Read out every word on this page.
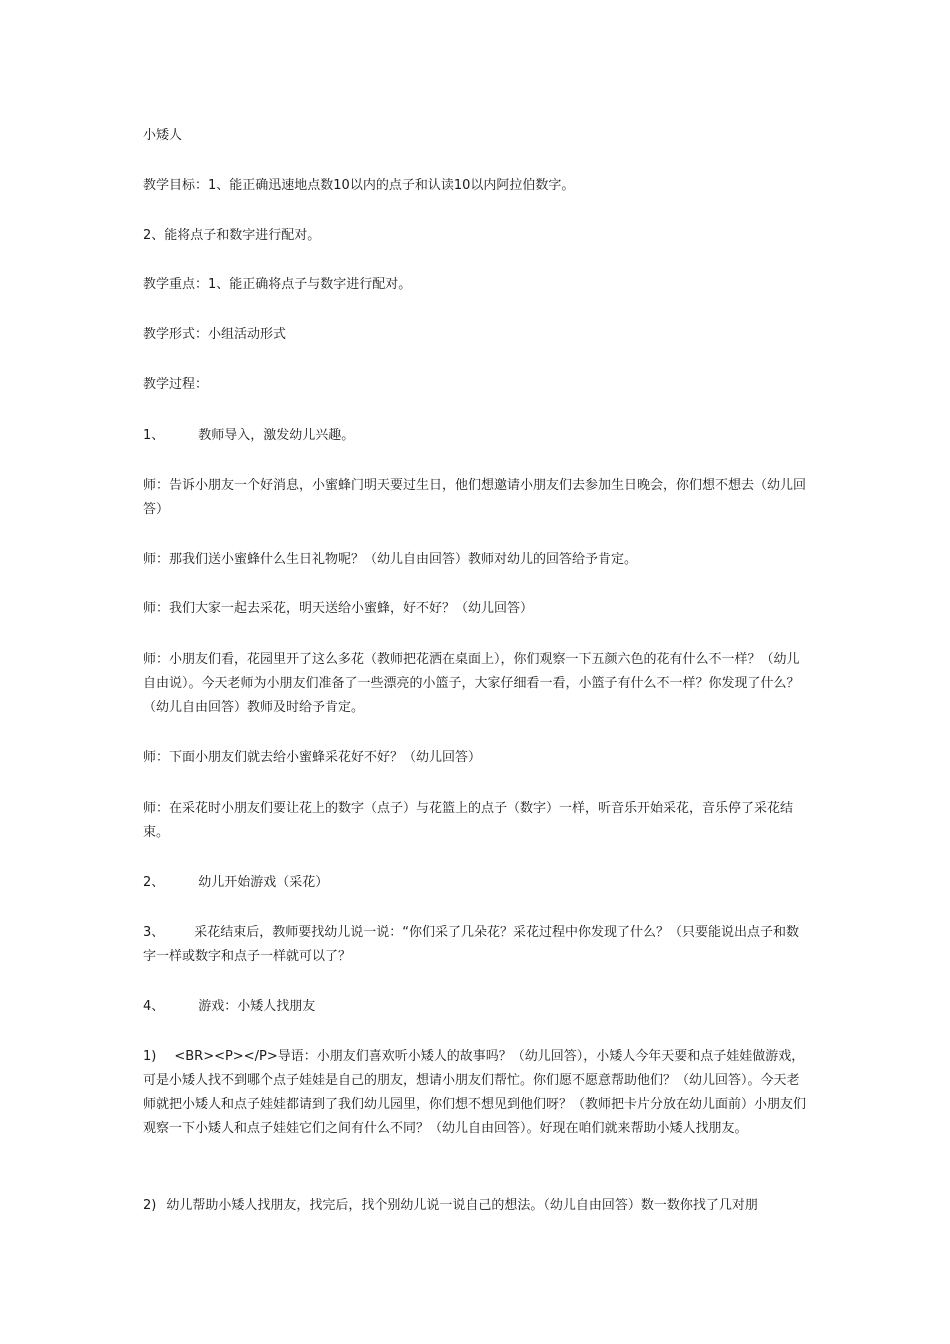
小矮人

教学目标：1、能正确迅速地点数10以内的点子和认读10以内阿拉伯数字。

2、能将点子和数字进行配对。

教学重点：1、能正确将点子与数字进行配对。

教学形式：小组活动形式

教学过程：

1、	教师导入，激发幼儿兴趣。

师：告诉小朋友一个好消息，小蜜蜂门明天要过生日，他们想邀请小朋友们去参加生日晚会，你们想不想去（幼儿回答）

师：那我们送小蜜蜂什么生日礼物呢？（幼儿自由回答）教师对幼儿的回答给予肯定。

师：我们大家一起去采花，明天送给小蜜蜂，好不好？（幼儿回答）

师：小朋友们看，花园里开了这么多花（教师把花洒在桌面上），你们观察一下五颜六色的花有什么不一样？（幼儿自由说）。今天老师为小朋友们准备了一些漂亮的小篮子，大家仔细看一看，小篮子有什么不一样？你发现了什么？（幼儿自由回答）教师及时给予肯定。

师：下面小朋友们就去给小蜜蜂采花好不好？（幼儿回答）

师：在采花时小朋友们要让花上的数字（点子）与花篮上的点子（数字）一样，听音乐开始采花，音乐停了采花结束。

2、	幼儿开始游戏（采花）

3、 采花结束后，教师要找幼儿说一说：“你们采了几朵花？采花过程中你发现了什么？（只要能说出点子和数字一样或数字和点子一样就可以了？

4、	游戏：小矮人找朋友

1) <BR><P></P>导语：小朋友们喜欢听小矮人的故事吗？（幼儿回答），小矮人今年天要和点子娃娃做游戏，可是小矮人找不到哪个点子娃娃是自己的朋友，想请小朋友们帮忙。你们愿不愿意帮助他们？（幼儿回答）。今天老师就把小矮人和点子娃娃都请到了我们幼儿园里，你们想不想见到他们呀？（教师把卡片分放在幼儿面前）小朋友们观察一下小矮人和点子娃娃它们之间有什么不同？（幼儿自由回答）。好现在咱们就来帮助小矮人找朋友。

2) 幼儿帮助小矮人找朋友，找完后，找个别幼儿说一说自己的想法。（幼儿自由回答）数一数你找了几对朋
